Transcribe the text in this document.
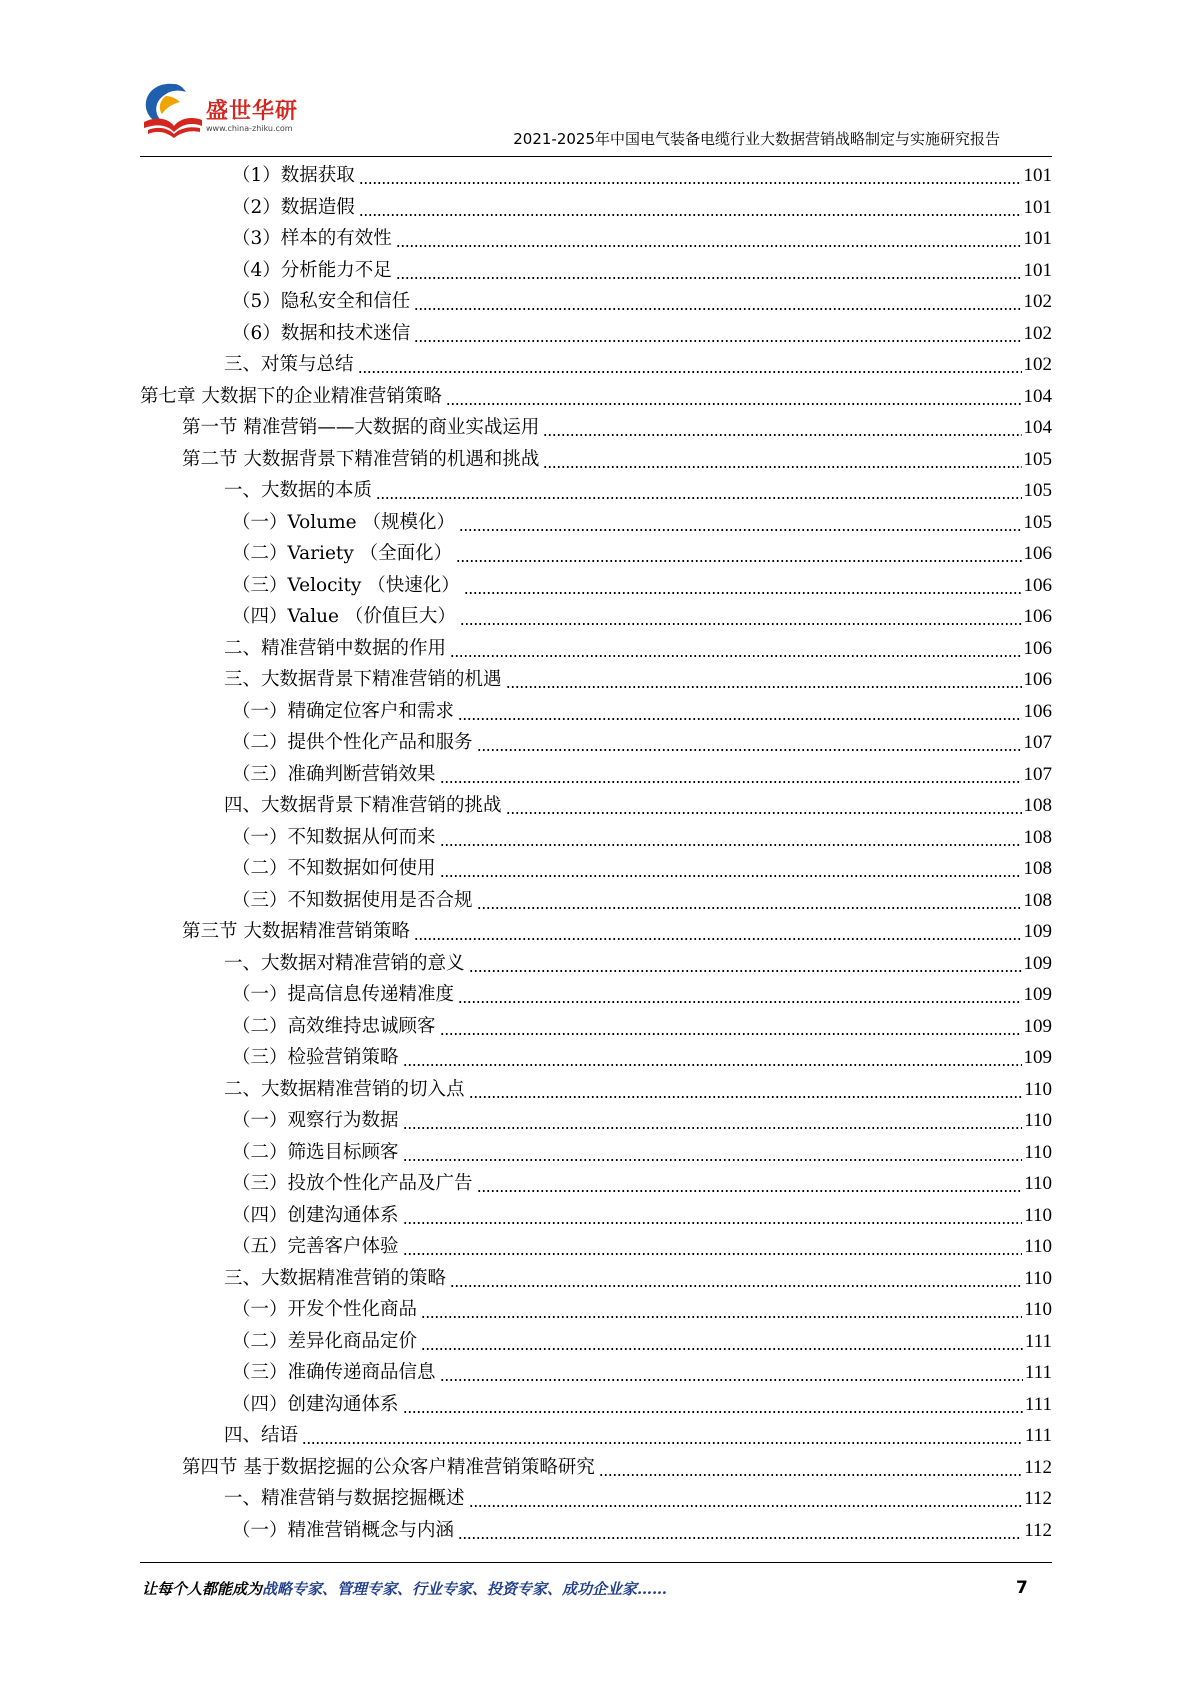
盛世华研
www.china-zhiku.com
2021-2025年中国电气装备电缆行业大数据营销战略制定与实施研究报告
（1）数据获取	101
（2）数据造假	101
（3）样本的有效性	101
（4）分析能力不足	101
（5）隐私安全和信任	102
（6）数据和技术迷信	102
三、对策与总结	102
第七章 大数据下的企业精准营销策略	104
第一节 精准营销——大数据的商业实战运用	104
第二节 大数据背景下精准营销的机遇和挑战	105
一、大数据的本质	105
（一）Volume （规模化）	105
（二）Variety （全面化）	106
（三）Velocity （快速化）	106
（四）Value （价值巨大）	106
二、精准营销中数据的作用	106
三、大数据背景下精准营销的机遇	106
（一）精确定位客户和需求	106
（二）提供个性化产品和服务	107
（三）准确判断营销效果	107
四、大数据背景下精准营销的挑战	108
（一）不知数据从何而来	108
（二）不知数据如何使用	108
（三）不知数据使用是否合规	108
第三节 大数据精准营销策略	109
一、大数据对精准营销的意义	109
（一）提高信息传递精准度	109
（二）高效维持忠诚顾客	109
（三）检验营销策略	109
二、大数据精准营销的切入点	110
（一）观察行为数据	110
（二）筛选目标顾客	110
（三）投放个性化产品及广告	110
（四）创建沟通体系	110
（五）完善客户体验	110
三、大数据精准营销的策略	110
（一）开发个性化商品	110
（二）差异化商品定价	111
（三）准确传递商品信息	111
（四）创建沟通体系	111
四、结语	111
第四节 基于数据挖掘的公众客户精准营销策略研究	112
一、精准营销与数据挖掘概述	112
（一）精准营销概念与内涵	112
让每个人都能成为战略专家、管理专家、行业专家、投资专家、成功企业家……	7
